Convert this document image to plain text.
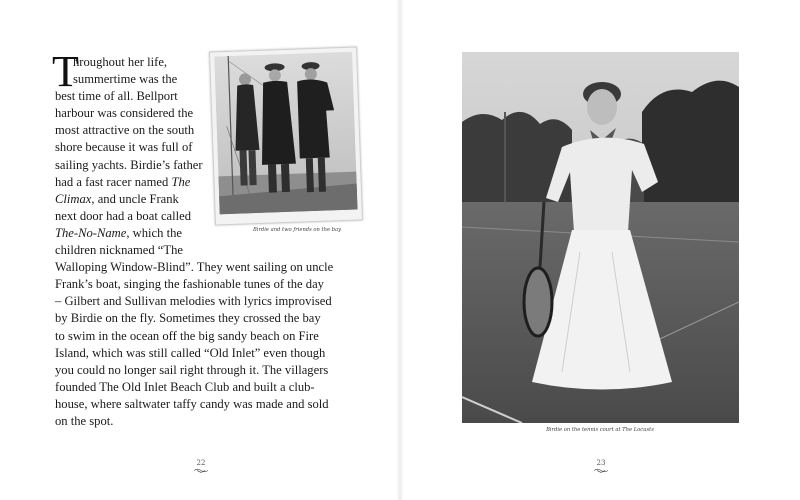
Birdie and two friends on the bay
T
hroughout her life,
summertime was the
best time of all. Bellport
harbour was considered the
most attractive on the south
shore because it was full of
sailing yachts. Birdie’s father
had a fast racer named The
Climax, and uncle Frank
next door had a boat called
The-No-Name, which the
children nicknamed “The
Walloping Window-Blind”. They went sailing on uncle
Frank’s boat, singing the fashionable tunes of the day
– Gilbert and Sullivan melodies with lyrics improvised
by Birdie on the fly. Sometimes they crossed the bay
to swim in the ocean off the big sandy beach on Fire
Island, which was still called “Old Inlet” even though
you could no longer sail right through it. The villagers
founded The Old Inlet Beach Club and built a club-
house, where saltwater taffy candy was made and sold
on the spot.
Birdie on the tennis court at The Locusts
22	23
